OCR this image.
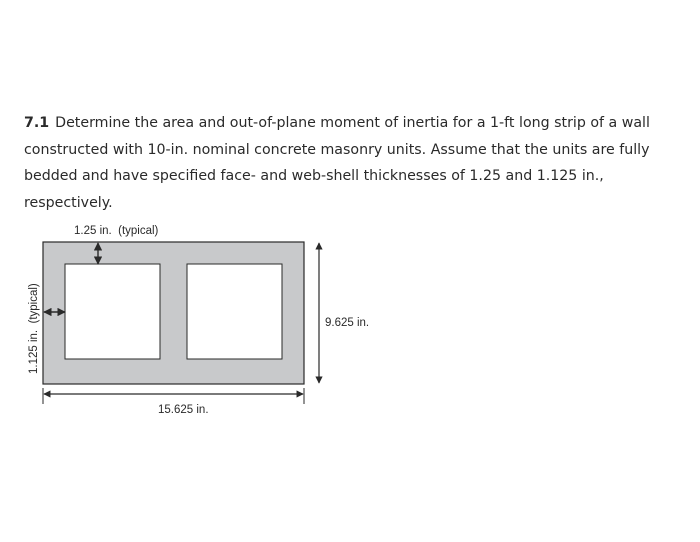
7.1 Determine the area and out-of-plane moment of inertia for a 1-ft long strip of a wall constructed with 10-in. nominal concrete masonry units. Assume that the units are fully bedded and have specified face- and web-shell thicknesses of 1.25 and 1.125 in., respectively.
1.25 in.  (typical)
1.125 in.  (typical)	9.625 in.
15.625 in.
